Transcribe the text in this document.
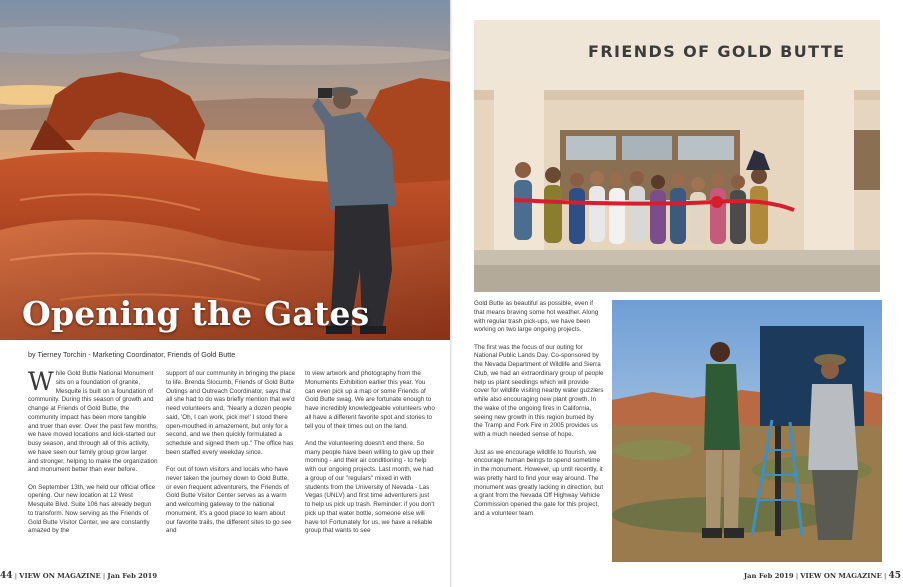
Opening the Gates
by Tierney Torchin - Marketing Coordinator, Friends of Gold Butte

While Gold Butte National Monument sits on a foundation of granite, Mesquite is built on a foundation of community. During this season of growth and change at Friends of Gold Butte, the community impact has been more tangible and truer than ever. Over the past few months, we have moved locations and kick-started our busy season, and through all of this activity, we have seen our family group grow larger and stronger, helping to make the organization and monument better than ever before.

On September 13th, we held our official office opening. Our new location at 12 West Mesquite Blvd. Suite 106 has already begun to transform. Now serving as the Friends of Gold Butte Visitor Center, we are constantly amazed by the

support of our community in bringing the place to life. Brenda Slocumb, Friends of Gold Butte Outings and Outreach Coordinator, says that all she had to do was briefly mention that we'd need volunteers and, "Nearly a dozen people said, 'Oh, I can work, pick me!' I stood there open-mouthed in amazement, but only for a second, and we then quickly formulated a schedule and signed them up." The office has been staffed every weekday since.

For out of town visitors and locals who have never taken the journey down to Gold Butte, or even frequent adventurers, the Friends of Gold Butte Visitor Center serves as a warm and welcoming gateway to the national monument. It's a good place to learn about our favorite trails, the different sites to go see and

to view artwork and photography from the Monuments Exhibition earlier this year. You can even pick up a map or some Friends of Gold Butte swag. We are fortunate enough to have incredibly knowledgeable volunteers who all have a different favorite spot and stories to tell you of their times out on the land.

And the volunteering doesn't end there. So many people have been willing to give up their morning - and their air conditioning - to help with our ongoing projects. Last month, we had a group of our "regulars" mixed in with students from the University of Nevada - Las Vegas (UNLV) and first time adventurers just to help us pick up trash. Reminder: if you don't pick up that water bottle, someone else will have to! Fortunately for us, we have a reliable group that wants to see

44 | VIEW ON MAGAZINE | Jan Feb 2019
FRIENDS OF GOLD BUTTE

Gold Butte as beautiful as possible, even if that means braving some hot weather. Along with regular trash pick-ups, we have been working on two large ongoing projects.

The first was the focus of our outing for National Public Lands Day. Co-sponsored by the Nevada Department of Wildlife and Sierra Club, we had an extraordinary group of people help us plant seedlings which will provide cover for wildlife visiting nearby water guzzlers while also encouraging new plant growth. In the wake of the ongoing fires in California, seeing new growth in this region burned by the Tramp and Fork Fire in 2005 provides us with a much needed sense of hope.

Just as we encourage wildlife to flourish, we encourage human beings to spend sometime in the monument. However, up until recently, it was pretty hard to find your way around. The monument was greatly lacking in direction, but a grant from the Nevada Off Highway Vehicle Commission opened the gate for this project, and a volunteer team

Jan Feb 2019 | VIEW ON MAGAZINE | 45
